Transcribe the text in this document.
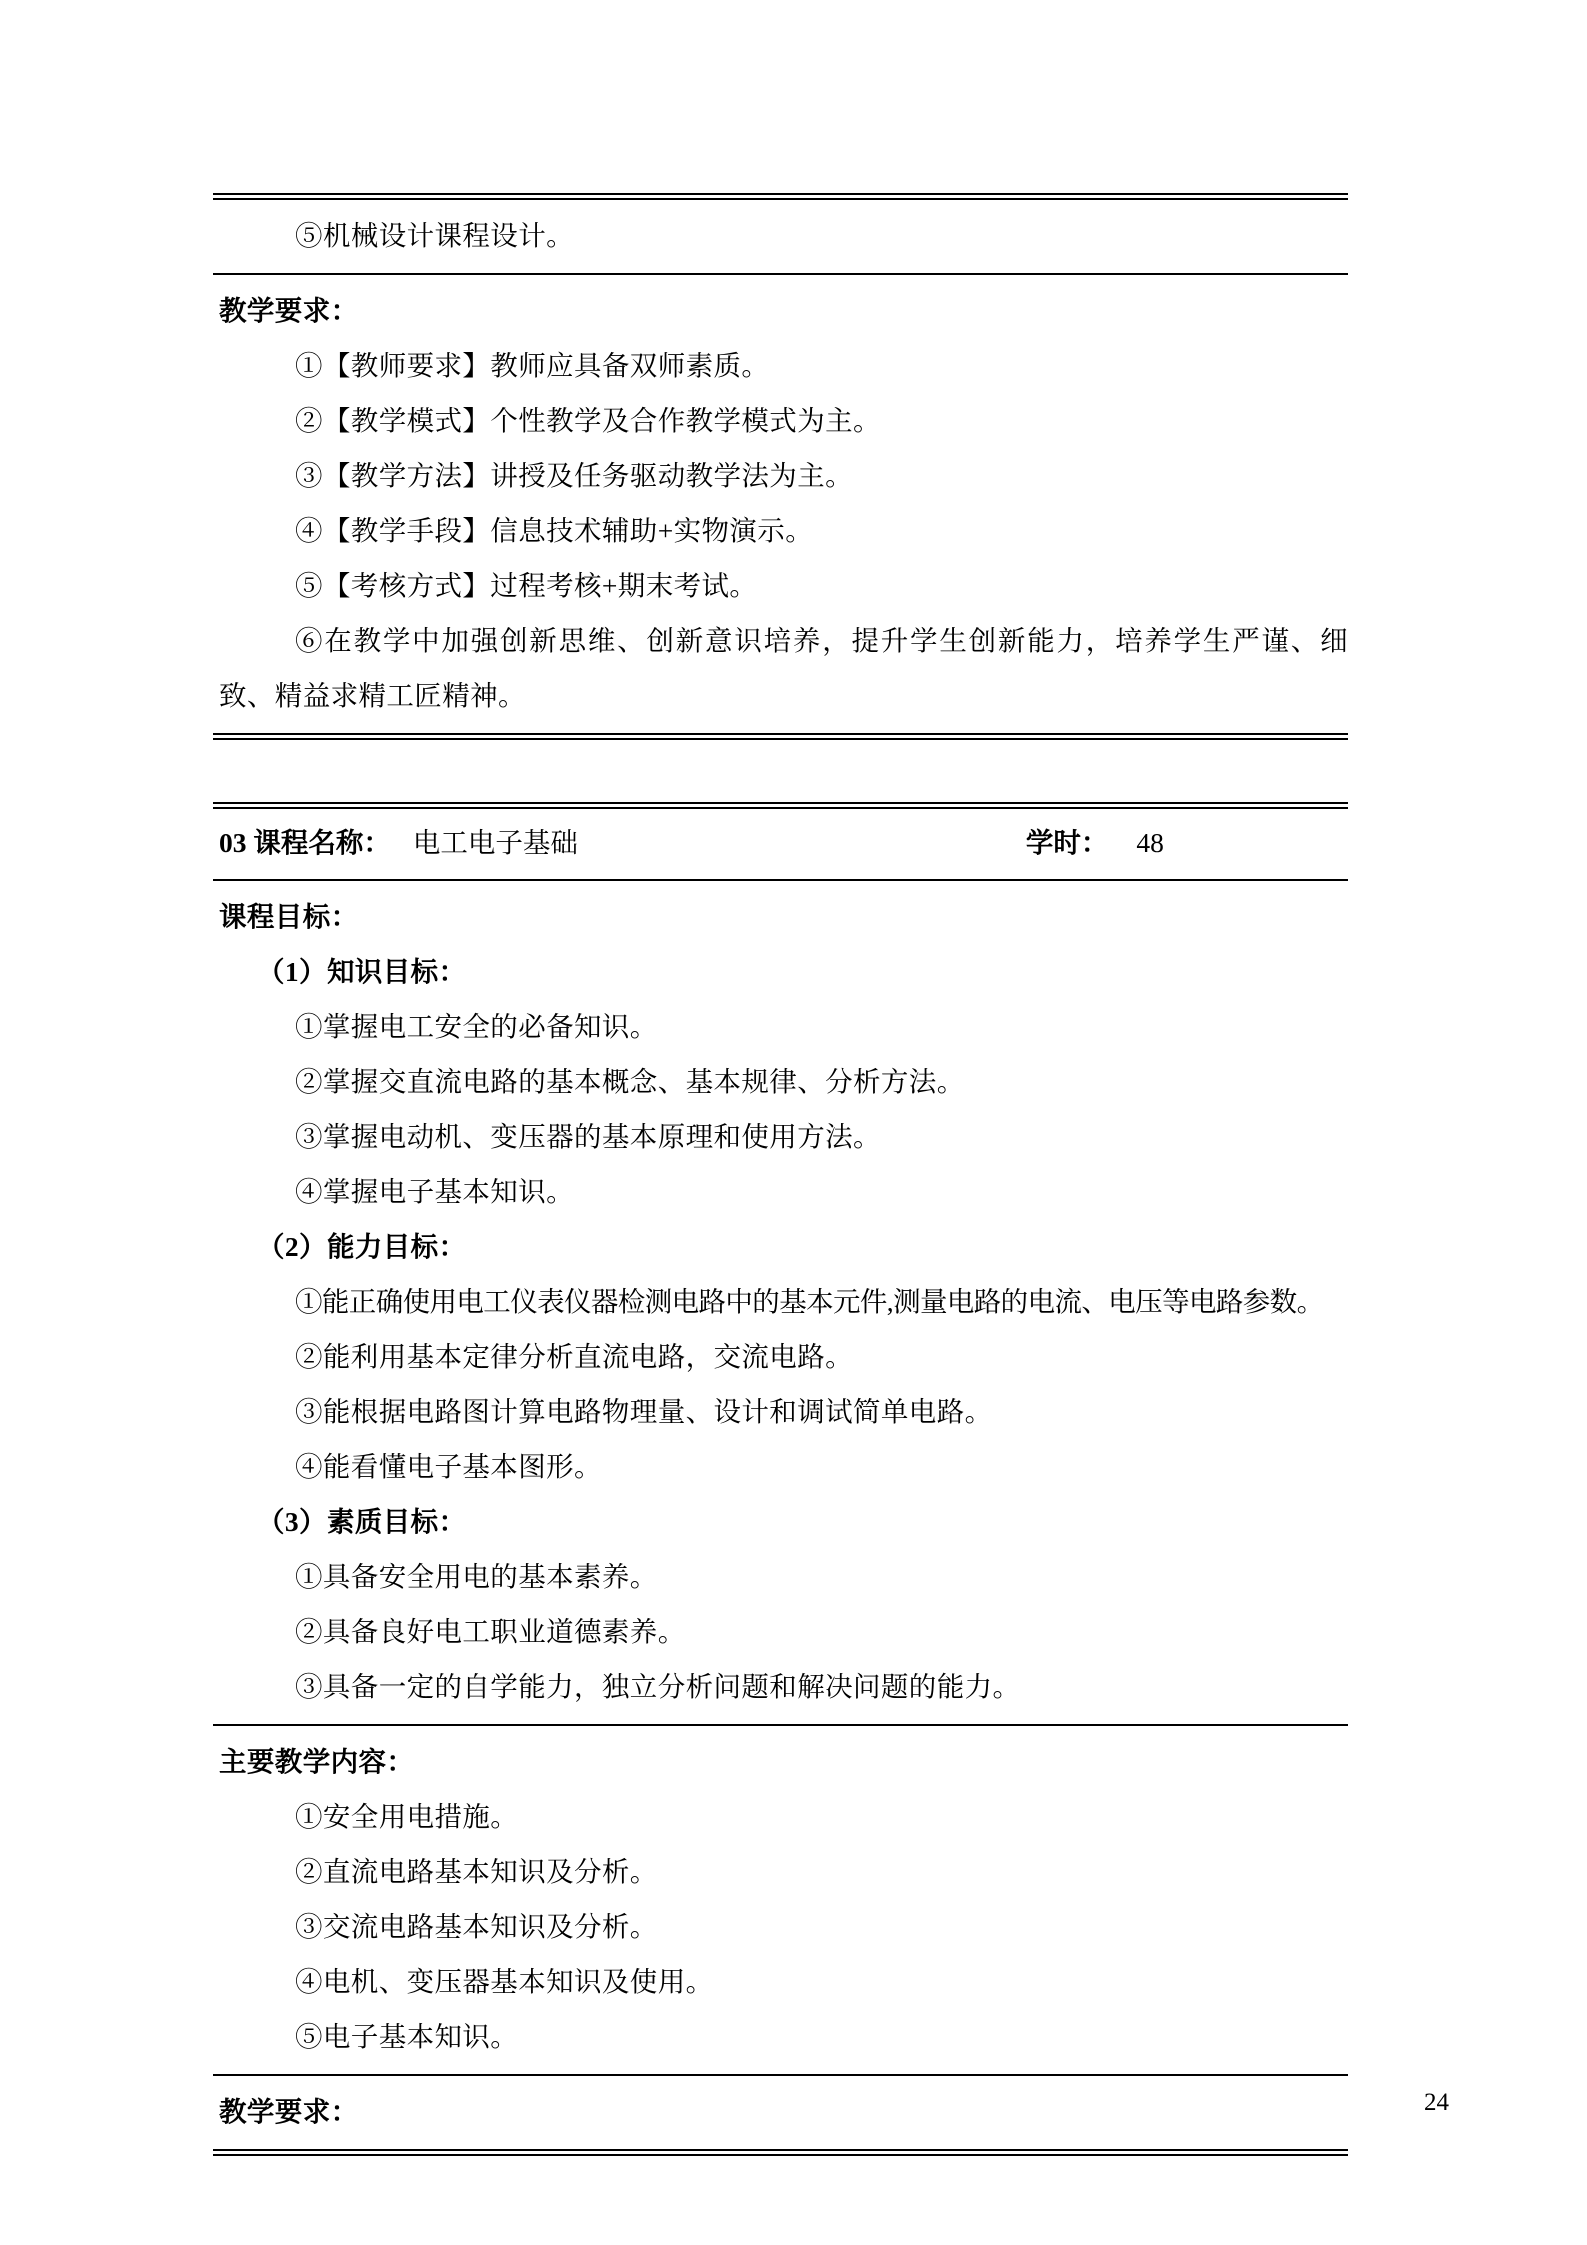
⑤机械设计课程设计。
教学要求：
①【教师要求】教师应具备双师素质。
②【教学模式】个性教学及合作教学模式为主。
③【教学方法】讲授及任务驱动教学法为主。
④【教学手段】信息技术辅助+实物演示。
⑤【考核方式】过程考核+期末考试。
⑥在教学中加强创新思维、创新意识培养，提升学生创新能力，培养学生严谨、细致、精益求精工匠精神。
03 课程名称： 电工电子基础	学时：	48
课程目标：
（1）知识目标：
①掌握电工安全的必备知识。
②掌握交直流电路的基本概念、基本规律、分析方法。
③掌握电动机、变压器的基本原理和使用方法。
④掌握电子基本知识。
（2）能力目标：
①能正确使用电工仪表仪器检测电路中的基本元件,测量电路的电流、电压等电路参数。
②能利用基本定律分析直流电路，交流电路。
③能根据电路图计算电路物理量、设计和调试简单电路。
④能看懂电子基本图形。
（3）素质目标：
①具备安全用电的基本素养。
②具备良好电工职业道德素养。
③具备一定的自学能力，独立分析问题和解决问题的能力。
主要教学内容：
①安全用电措施。
②直流电路基本知识及分析。
③交流电路基本知识及分析。
④电机、变压器基本知识及使用。
⑤电子基本知识。
教学要求：	24
